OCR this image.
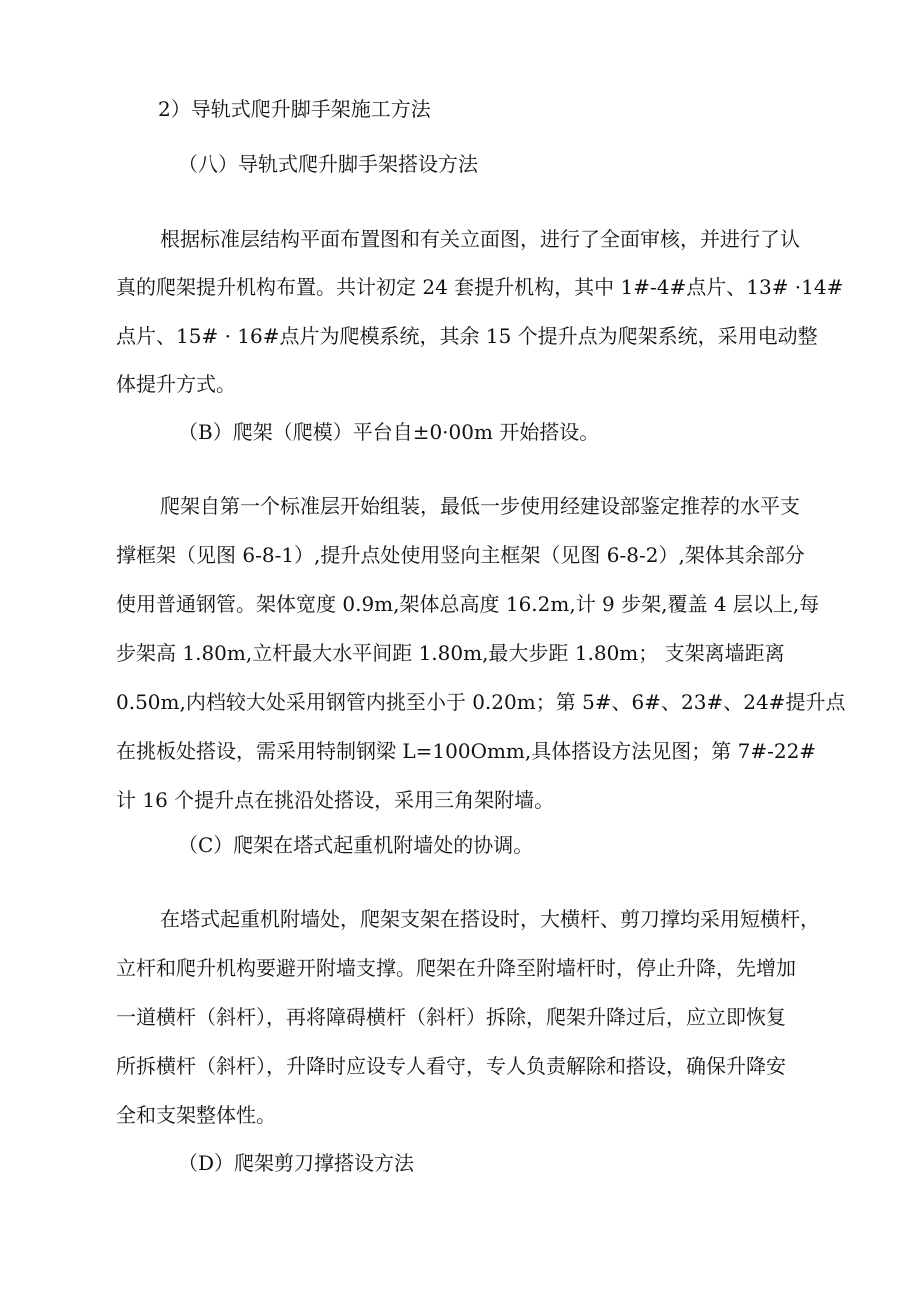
2）导轨式爬升脚手架施工方法

（八）导轨式爬升脚手架搭设方法

根据标准层结构平面布置图和有关立面图，进行了全面审核，并进行了认

真的爬架提升机构布置。共计初定 24 套提升机构，其中 1#-4#点片、13# ·14#

点片、15# · 16#点片为爬模系统，其余 15 个提升点为爬架系统，采用电动整

体提升方式。

（B）爬架（爬模）平台自±0·00m 开始搭设。

爬架自第一个标准层开始组装，最低一步使用经建设部鉴定推荐的水平支

撑框架（见图 6-8-1）,提升点处使用竖向主框架（见图 6-8-2）,架体其余部分

使用普通钢管。架体宽度 0.9m,架体总高度 16.2m,计 9 步架,覆盖 4 层以上,每

步架高 1.80m,立杆最大水平间距 1.80m,最大步距 1.80m； 支架离墙距离

0.50m,内档较大处采用钢管内挑至小于 0.20m；第 5#、6#、23#、24#提升点

在挑板处搭设，需采用特制钢梁 L=100Omm,具体搭设方法见图；第 7#-22#

计 16 个提升点在挑沿处搭设，采用三角架附墙。

（C）爬架在塔式起重机附墙处的协调。

在塔式起重机附墙处，爬架支架在搭设时，大横杆、剪刀撑均采用短横杆，

立杆和爬升机构要避开附墙支撑。爬架在升降至附墙杆时，停止升降，先增加

一道横杆（斜杆），再将障碍横杆（斜杆）拆除，爬架升降过后，应立即恢复

所拆横杆（斜杆），升降时应设专人看守，专人负责解除和搭设，确保升降安

全和支架整体性。

（D）爬架剪刀撑搭设方法
